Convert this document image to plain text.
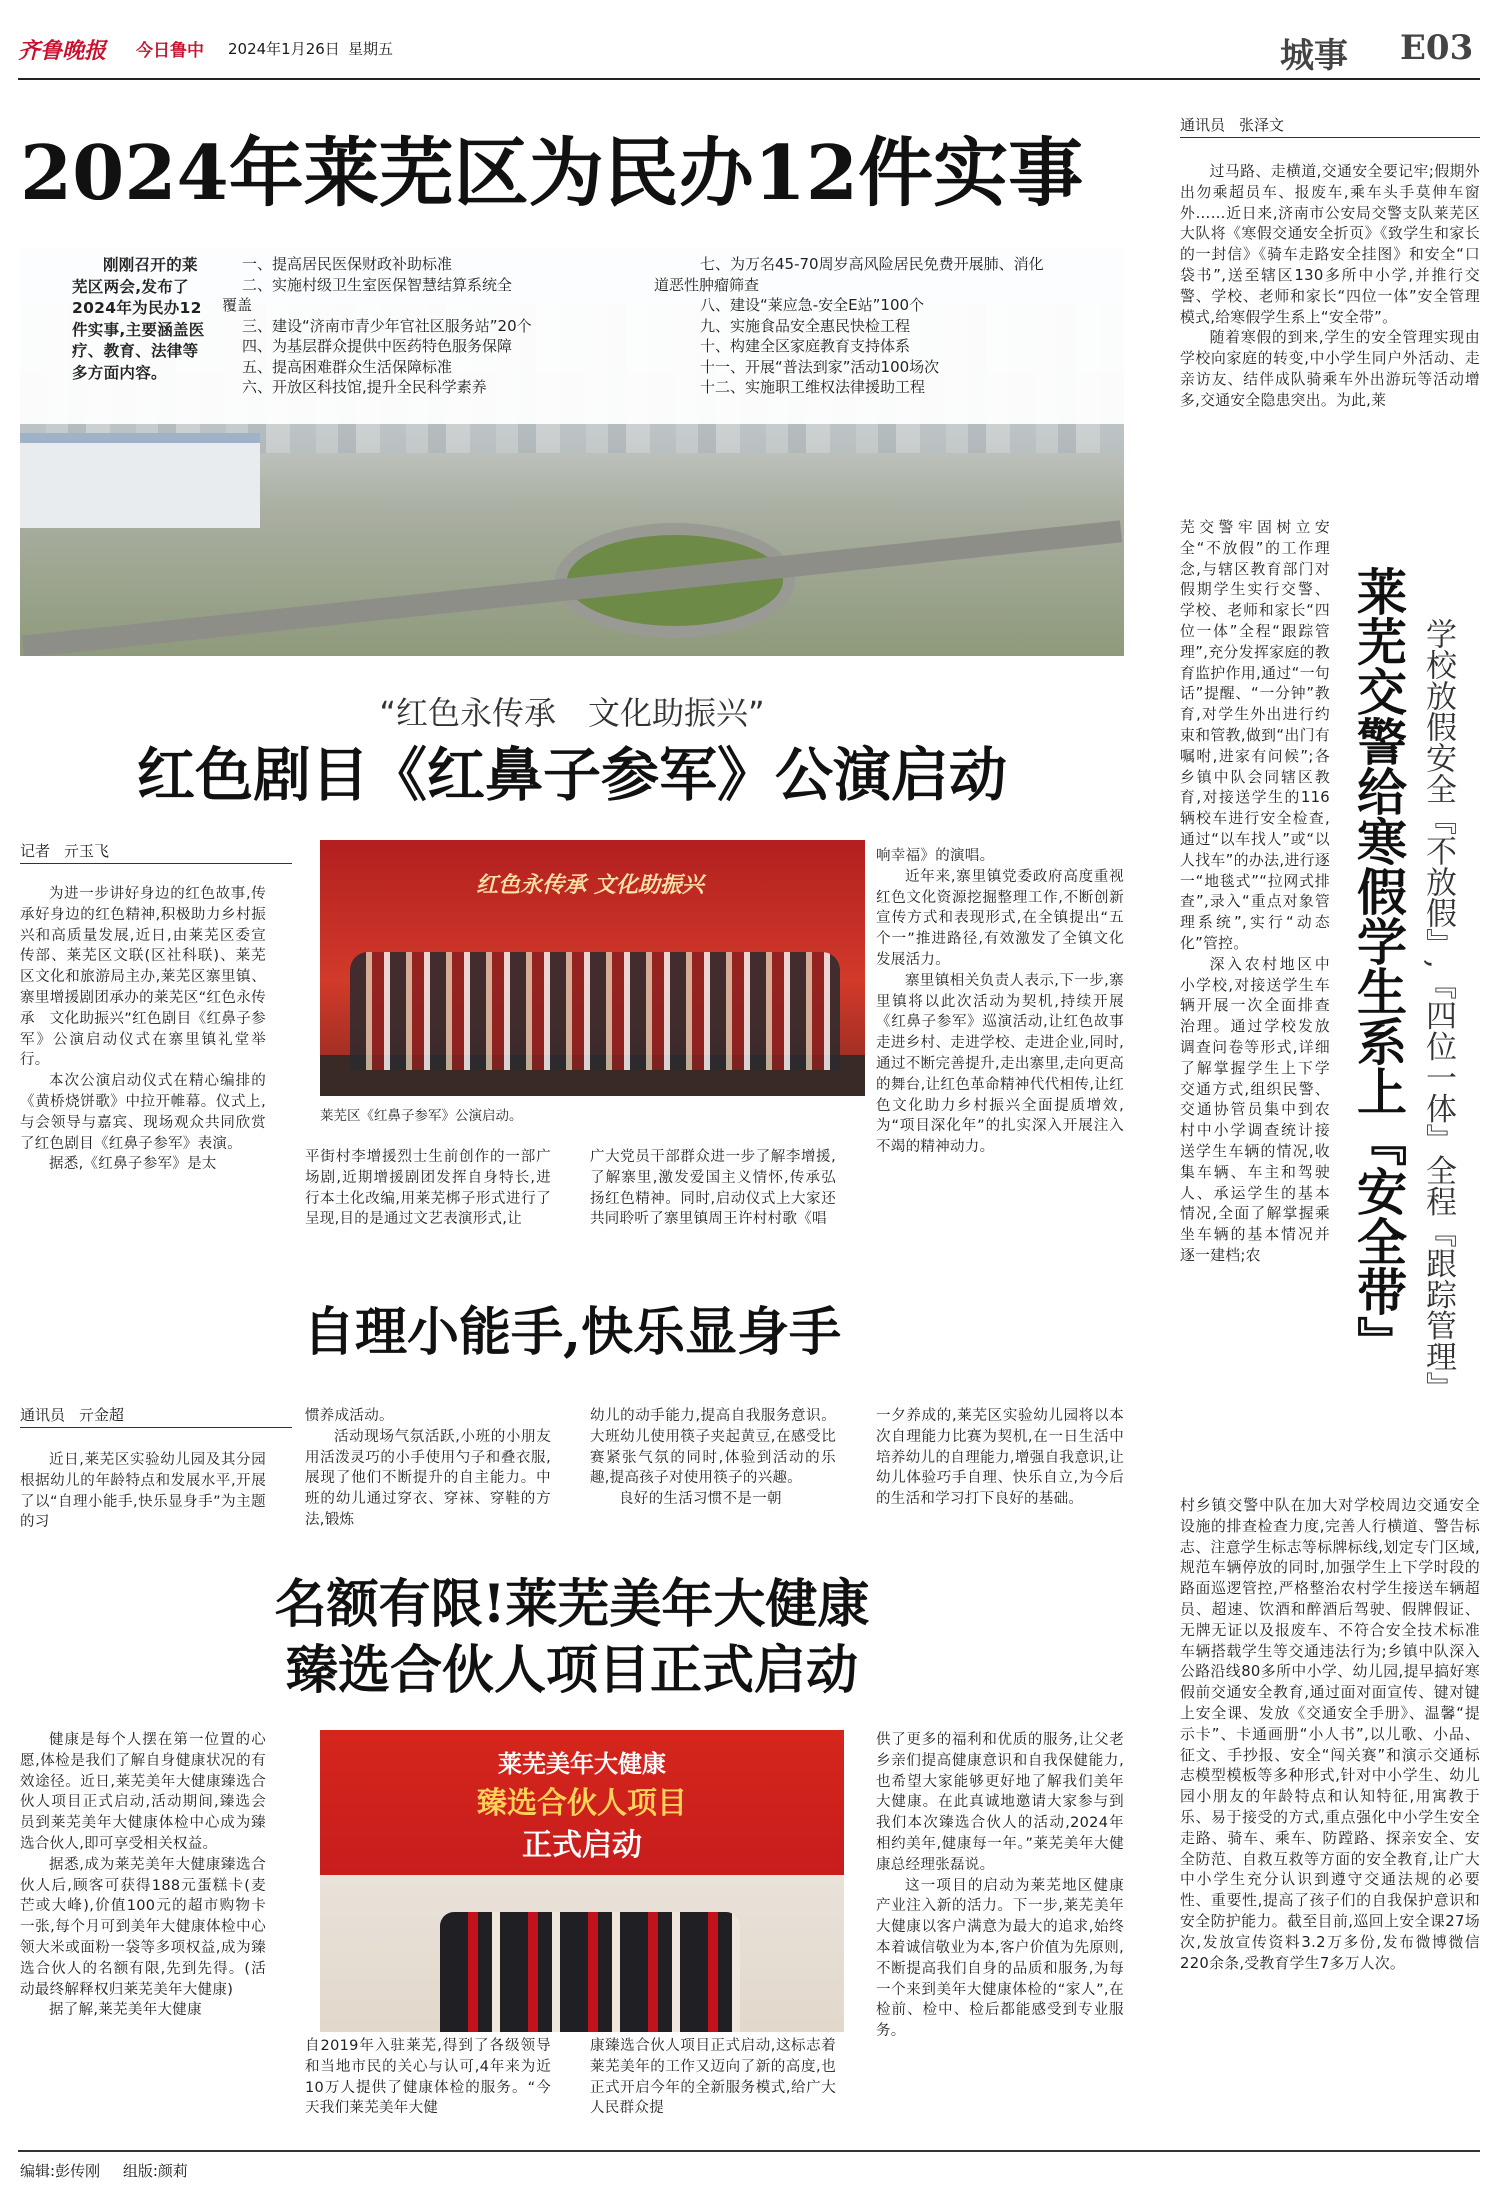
齐鲁晚报 今日鲁中 2024年1月26日 星期五	城事 E03
2024年莱芜区为民办12件实事

刚刚召开的莱芜区两会,发布了2024年为民办12件实事,主要涵盖医疗、教育、法律等多方面内容。

一、提高居民医保财政补助标准
二、实施村级卫生室医保智慧结算系统全
覆盖
三、建设“济南市青少年官社区服务站”20个
四、为基层群众提供中医药特色服务保障
五、提高困难群众生活保障标准
六、开放区科技馆,提升全民科学素养
七、为万名45-70周岁高风险居民免费开展肺、消化
道恶性肿瘤筛查
八、建设“莱应急-安全E站”100个
九、实施食品安全惠民快检工程
十、构建全区家庭教育支持体系
十一、开展“普法到家”活动100场次
十二、实施职工维权法律援助工程
“红色永传承　文化助振兴”
红色剧目《红鼻子参军》公演启动
记者 亓玉飞

为进一步讲好身边的红色故事,传承好身边的红色精神,积极助力乡村振兴和高质量发展,近日,由莱芜区委宣传部、莱芜区文联(区社科联)、莱芜区文化和旅游局主办,莱芜区寨里镇、寨里增援剧团承办的莱芜区“红色永传承　文化助振兴”红色剧目《红鼻子参军》公演启动仪式在寨里镇礼堂举行。

本次公演启动仪式在精心编排的《黄桥烧饼歌》中拉开帷幕。仪式上,与会领导与嘉宾、现场观众共同欣赏了红色剧目《红鼻子参军》表演。

据悉,《红鼻子参军》是太

红色永传承 文化助振兴
莱芜区《红鼻子参军》公演启动。

平街村李增援烈士生前创作的一部广场剧,近期增援剧团发挥自身特长,进行本土化改编,用莱芜梆子形式进行了呈现,目的是通过文艺表演形式,让

广大党员干部群众进一步了解李增援,了解寨里,激发爱国主义情怀,传承弘扬红色精神。同时,启动仪式上大家还共同聆听了寨里镇周王许村村歌《唱

响幸福》的演唱。

近年来,寨里镇党委政府高度重视红色文化资源挖掘整理工作,不断创新宣传方式和表现形式,在全镇提出“五个一”推进路径,有效激发了全镇文化发展活力。

寨里镇相关负责人表示,下一步,寨里镇将以此次活动为契机,持续开展《红鼻子参军》巡演活动,让红色故事走进乡村、走进学校、走进企业,同时,通过不断完善提升,走出寨里,走向更高的舞台,让红色革命精神代代相传,让红色文化助力乡村振兴全面提质增效,为“项目深化年”的扎实深入开展注入不竭的精神动力。

自理小能手,快乐显身手
通讯员 亓金超

近日,莱芜区实验幼儿园及其分园根据幼儿的年龄特点和发展水平,开展了以“自理小能手,快乐显身手”为主题的习

惯养成活动。

活动现场气氛活跃,小班的小朋友用活泼灵巧的小手使用勺子和叠衣服,展现了他们不断提升的自主能力。中班的幼儿通过穿衣、穿袜、穿鞋的方法,锻炼

幼儿的动手能力,提高自我服务意识。大班幼儿使用筷子夹起黄豆,在感受比赛紧张气氛的同时,体验到活动的乐趣,提高孩子对使用筷子的兴趣。

良好的生活习惯不是一朝

一夕养成的,莱芜区实验幼儿园将以本次自理能力比赛为契机,在一日生活中培养幼儿的自理能力,增强自我意识,让幼儿体验巧手自理、快乐自立,为今后的生活和学习打下良好的基础。

名额有限!莱芜美年大健康
臻选合伙人项目正式启动

健康是每个人摆在第一位置的心愿,体检是我们了解自身健康状况的有效途径。近日,莱芜美年大健康臻选合伙人项目正式启动,活动期间,臻选会员到莱芜美年大健康体检中心成为臻选合伙人,即可享受相关权益。

据悉,成为莱芜美年大健康臻选合伙人后,顾客可获得188元蛋糕卡(麦芒或大峰),价值100元的超市购物卡一张,每个月可到美年大健康体检中心领大米或面粉一袋等多项权益,成为臻选合伙人的名额有限,先到先得。(活动最终解释权归莱芜美年大健康)

据了解,莱芜美年大健康

莱芜美年大健康
臻选合伙人项目
正式启动

自2019年入驻莱芜,得到了各级领导和当地市民的关心与认可,4年来为近10万人提供了健康体检的服务。“今天我们莱芜美年大健

康臻选合伙人项目正式启动,这标志着莱芜美年的工作又迈向了新的高度,也正式开启今年的全新服务模式,给广大人民群众提

供了更多的福利和优质的服务,让父老乡亲们提高健康意识和自我保健能力,也希望大家能够更好地了解我们美年大健康。在此真诚地邀请大家参与到我们本次臻选合伙人的活动,2024年相约美年,健康每一年。”莱芜美年大健康总经理张磊说。

这一项目的启动为莱芜地区健康产业注入新的活力。下一步,莱芜美年大健康以客户满意为最大的追求,始终本着诚信敬业为本,客户价值为先原则,不断提高我们自身的品质和服务,为每一个来到美年大健康体检的“家人”,在检前、检中、检后都能感受到专业服务。

通讯员 张泽文

过马路、走横道,交通安全要记牢;假期外出勿乘超员车、报废车,乘车头手莫伸车窗外……近日来,济南市公安局交警支队莱芜区大队将《寒假交通安全折页》《致学生和家长的一封信》《骑车走路安全挂图》和安全“口袋书”,送至辖区130多所中小学,并推行交警、学校、老师和家长“四位一体”安全管理模式,给寒假学生系上“安全带”。

随着寒假的到来,学生的安全管理实现由学校向家庭的转变,中小学生同户外活动、走亲访友、结伴成队骑乘车外出游玩等活动增多,交通安全隐患突出。为此,莱

芜交警牢固树立安全“不放假”的工作理念,与辖区教育部门对假期学生实行交警、学校、老师和家长“四位一体”全程“跟踪管理”,充分发挥家庭的教育监护作用,通过“一句话”提醒、“一分钟”教育,对学生外出进行约束和管教,做到“出门有嘱咐,进家有问候”;各乡镇中队会同辖区教育,对接送学生的116辆校车进行安全检查,通过“以车找人”或“以人找车”的办法,进行逐一“地毯式”“拉网式排查”,录入“重点对象管理系统”,实行“动态化”管控。

深入农村地区中小学校,对接送学生车辆开展一次全面排查治理。通过学校发放调查问卷等形式,详细了解掌握学生上下学交通方式,组织民警、交通协管员集中到农村中小学调查统计接送学生车辆的情况,收集车辆、车主和驾驶人、承运学生的基本情况,全面了解掌握乘坐车辆的基本情况并逐一建档;农	莱芜交警给寒假学生系上『安全带』 学校放假安全『不放假』,『四位一体』全程『跟踪管理』

村乡镇交警中队在加大对学校周边交通安全设施的排查检查力度,完善人行横道、警告标志、注意学生标志等标牌标线,划定专门区域,规范车辆停放的同时,加强学生上下学时段的路面巡逻管控,严格整治农村学生接送车辆超员、超速、饮酒和醉酒后驾驶、假牌假证、无牌无证以及报废车、不符合安全技术标准车辆搭载学生等交通违法行为;乡镇中队深入公路沿线80多所中小学、幼儿园,提早搞好寒假前交通安全教育,通过面对面宣传、键对键上安全课、发放《交通安全手册》、温馨“提示卡”、卡通画册“小人书”,以儿歌、小品、征文、手抄报、安全“闯关赛”和演示交通标志模型模板等多种形式,针对中小学生、幼儿园小朋友的年龄特点和认知特征,用寓教于乐、易于接受的方式,重点强化中小学生安全走路、骑车、乘车、防蹚路、探亲安全、安全防范、自救互救等方面的安全教育,让广大中小学生充分认识到遵守交通法规的必要性、重要性,提高了孩子们的自我保护意识和安全防护能力。截至目前,巡回上安全课27场次,发放宣传资料3.2万多份,发布微博微信220余条,受教育学生7多万人次。

编辑:彭传刚 组版:颜莉
